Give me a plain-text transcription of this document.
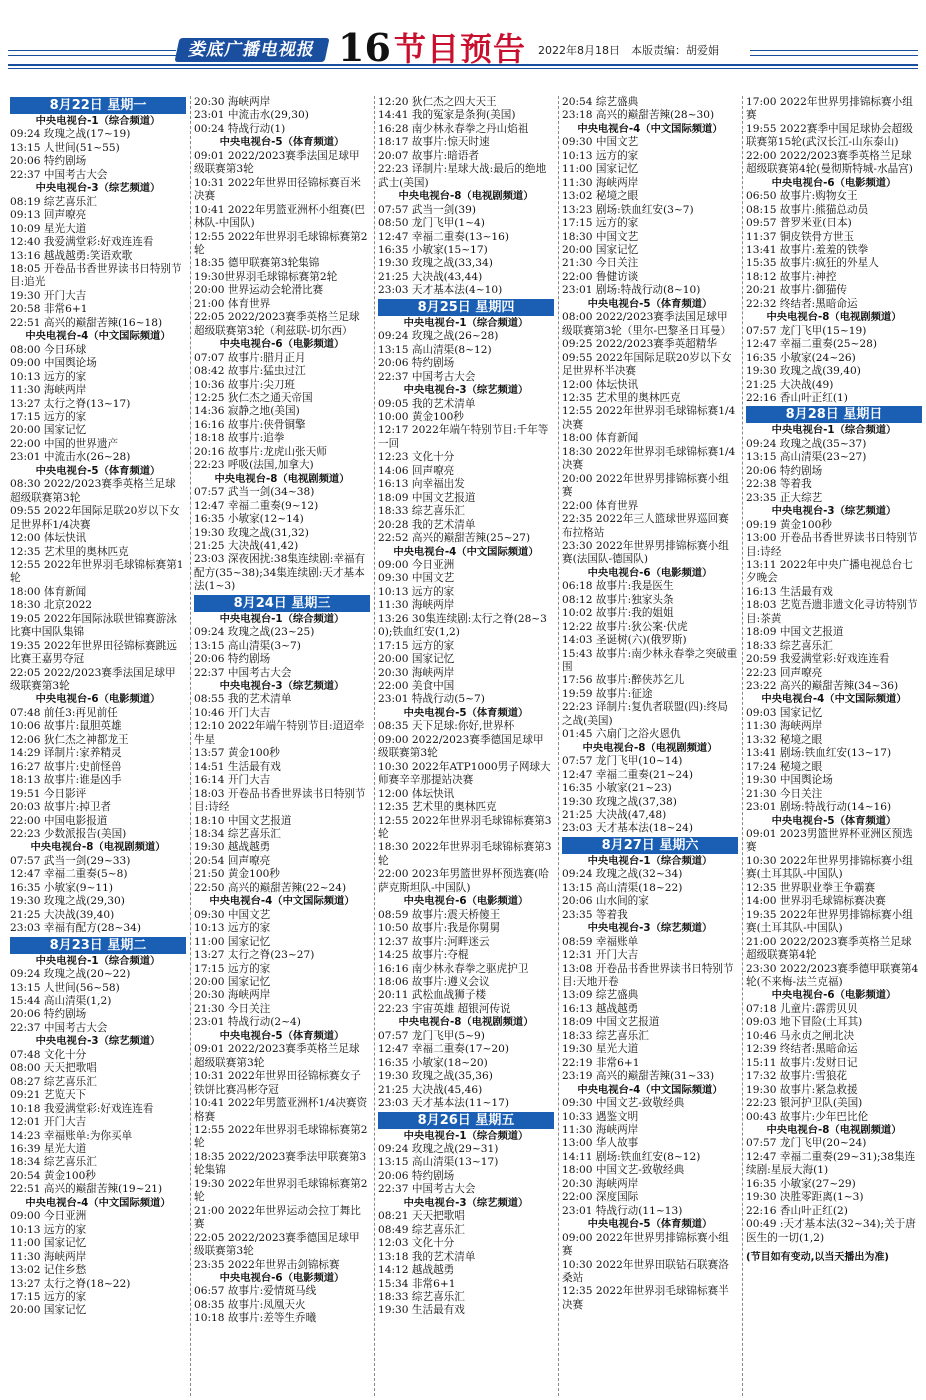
娄底广播电视报 16 节目预告 2022年8月18日　本版责编：胡爱娟
8月22日 星期一
中央电视台-1（综合频道）
09:24 玫瑰之战(17~19)
13:15 人世间(51~55)
20:06 特约剧场
22:37 中国考古大会
中央电视台-3（综艺频道）
08:19 综艺喜乐汇
09:13 回声嘹亮
10:09 星光大道
12:40 我爱满堂彩:好戏连连看
13:16 越战越勇:笑语欢歌
18:05 开卷品书香世界读书日特别节目:追光
19:30 开门大吉
20:58 非常6+1
22:51 高兴的巅甜苦辣(16~18)
中央电视台-4（中文国际频道）
08:00 今日环球
09:00 中国舆论场
10:13 远方的家
11:30 海峡两岸
13:27 太行之脊(13~17)
17:15 远方的家
20:00 国家记忆
22:00 中国的世界遗产
23:01 中流击水(26~28)
中央电视台-5（体育频道）
08:30 2022/2023赛季英格兰足球超级联赛第3轮
09:55 2022年国际足联20岁以下女足世界杯1/4决赛
12:00 体坛快讯
12:35 艺术里的奥林匹克
12:55 2022年世界羽毛球锦标赛第1轮
18:00 体育新闻
18:30 北京2022
19:05 2022年国际泳联世锦赛游泳比赛中国队集锦
19:35 2022年世界田径锦标赛跳远比赛王嘉男夺冠
22:05 2022/2023赛季法国足球甲级联赛第3轮
中央电视台-6（电影频道）
07:48 前任3:再见前任
10:06 故事片:鼠胆英雄
12:06 狄仁杰之神都龙王
14:29 译制片:家养精灵
16:27 故事片:史前怪兽
18:13 故事片:谁是凶手
19:51 今日影评
20:03 故事片:掉卫者
22:00 中国电影报道
22:23 少数派报告(美国)
中央电视台-8（电视剧频道）
07:57 武当一剑(29~33)
12:47 幸福二重奏(5~8)
16:35 小敏家(9~11)
19:30 玫瑰之战(29,30)
21:25 大决战(39,40)
23:03 幸福有配方(28~34)
8月23日 星期二
中央电视台-1（综合频道）
09:24 玫瑰之战(20~22)
13:15 人世间(56~58)
15:44 高山清渠(1,2)
20:06 特约剧场
22:37 中国考古大会
中央电视台-3（综艺频道）
07:48 文化十分
08:00 天天把歌唱
08:27 综艺喜乐汇
09:21 艺览天下
10:18 我爱满堂彩:好戏连连看
12:01 开门大吉
14:23 幸福账单:为你买单
16:39 星光大道
18:34 综艺喜乐汇
20:54 黄金100秒
22:51 高兴的巅甜苦辣(19~21)
中央电视台-4（中文国际频道）
09:00 今日亚洲
10:13 远方的家
11:00 国家记忆
11:30 海峡两岸
13:02 记住乡愁
13:27 太行之脊(18~22)
17:15 远方的家
20:00 国家记忆
20:30 海峡两岸
23:01 中流击水(29,30)
00:24 特战行动(1)
中央电视台-5（体育频道）
09:01 2022/2023赛季法国足球甲级联赛第3轮
10:31 2022年世界田径锦标赛百米决赛
10:41 2022年男篮亚洲杯小组赛(巴林队-中国队)
12:55 2022年世界羽毛球锦标赛第2轮
18:35 德甲联赛第3轮集锦
19:30世界羽毛球锦标赛第2轮
20:00 世界运动会轮滑比赛
21:00 体育世界
22:05 2022/2023赛季英格兰足球超级联赛第3轮（利兹联-切尔西）
中央电视台-6（电影频道）
07:07 故事片:腊月正月
08:42 故事片:猛虫过江
10:36 故事片:尖刀班
12:25 狄仁杰之通天帝国
14:36 寂静之地(美国)
16:16 故事片:侠骨铜擎
18:18 故事片:追拳
20:16 故事片:龙虎山张天师
22:23 呼吸(法国,加拿大)
中央电视台-8（电视剧频道）
07:57 武当一剑(34~38)
12:47 幸福二重奏(9~12)
16:35 小敏家(12~14)
19:30 玫瑰之战(31,32)
21:25 大决战(41,42)
23:03 深夜困扰:38集连续剧:幸福有配方(35~38);34集连续剧:天才基本法(1~3)
8月24日 星期三
中央电视台-1（综合频道）
09:24 玫瑰之战(23~25)
13:15 高山清渠(3~7)
20:06 特约剧场
22:37 中国考古大会
中央电视台-3（综艺频道）
08:55 我的艺术清单
10:46 开门大吉
12:10 2022年端午特别节目:迢迢牵牛星
13:57 黄金100秒
14:51 生活最有戏
16:14 开门大吉
18:03 开卷品书香世界读书日特别节目:诗经
18:10 中国文艺报道
18:34 综艺喜乐汇
19:30 越战越勇
20:54 回声嘹亮
21:50 黄金100秒
22:50 高兴的巅甜苦辣(22~24)
中央电视台-4（中文国际频道）
09:30 中国文艺
10:13 远方的家
11:00 国家记忆
13:27 太行之脊(23~27)
17:15 远方的家
20:00 国家记忆
20:30 海峡两岸
21:30 今日关注
23:01 特战行动(2~4)
中央电视台-5（体育频道）
09:01 2022/2023赛季英格兰足球超级联赛第3轮
10:31 2022年世界田径锦标赛女子铁饼比赛冯彬夺冠
10:41 2022年男篮亚洲杯1/4决赛资格赛
12:55 2022年世界羽毛球锦标赛第2轮
18:35 2022/2023赛季法甲联赛第3轮集锦
19:30 2022年世界羽毛球锦标赛第2轮
21:00 2022年世界运动会拉丁舞比赛
22:05 2022/2023赛季德国足球甲级联赛第3轮
23:35 2022年世界击剑锦标赛
中央电视台-6（电影频道）
06:57 故事片:爱情斑马线
08:35 故事片:凤凰天火
10:18 故事片:差等生乔曦
12:20 狄仁杰之四大天王
14:41 我的冤家是条狗(美国)
16:28 南少林永春拳之丹山焰祖
18:17 故事片:惊天时速
20:07 故事片:暗语者
22:23 译制片:星球大战:最后的绝地武士(美国)
中央电视台-8（电视剧频道）
07:57 武当一剑(39)
08:50 龙门飞甲(1~4)
12:47 幸福二重奏(13~16)
16:35 小敏家(15~17)
19:30 玫瑰之战(33,34)
21:25 大决战(43,44)
23:03 天才基本法(4~10)
8月25日 星期四
中央电视台-1（综合频道）
09:24 玫瑰之战(26~28)
13:15 高山清渠(8~12)
20:06 特约剧场
22:37 中国考古大会
中央电视台-3（综艺频道）
09:05 我的艺术清单
10:00 黄金100秒
12:17 2022年端午特别节目:千年等一回
12:23 文化十分
14:06 回声嘹亮
16:13 向幸福出发
18:09 中国文艺报道
18:33 综艺喜乐汇
20:28 我的艺术清单
22:52 高兴的巅甜苦辣(25~27)
中央电视台-4（中文国际频道）
09:00 今日亚洲
09:30 中国文艺
10:13 远方的家
11:30 海峡两岸
13:26 30集连续剧:太行之脊(28~30);铁血红安(1,2)
17:15 远方的家
20:00 国家记忆
20:30 海峡两岸
22:00 美食中国
23:01 特战行动(5~7)
中央电视台-5（体育频道）
08:35 天下足球:你好,世界杯
09:00 2022/2023赛季德国足球甲级联赛第3轮
10:30 2022年ATP1000男子网球大师赛辛辛那提站决赛
12:00 体坛快讯
12:35 艺术里的奥林匹克
12:55 2022年世界羽毛球锦标赛第3轮
18:30 2022年世界羽毛球锦标赛第3轮
22:00 2023年男篮世界杯预选赛(哈萨克斯坦队-中国队)
中央电视台-6（电影频道）
08:59 故事片:震天桥傻王
10:50 故事片:我是你舅舅
12:37 故事片:河畔迷云
14:25 故事片:夺棍
16:16 南少林永春拳之驱虎护卫
18:06 故事片:遵义会议
20:11 武松血战狮子楼
22:23 宇宙英雄 超银河传说
中央电视台-8（电视剧频道）
07:57 龙门飞甲(5~9)
12:47 幸福二重奏(17~20)
16:35 小敏家(18~20)
19:30 玫瑰之战(35,36)
21:25 大决战(45,46)
23:03 天才基本法(11~17)
8月26日 星期五
中央电视台-1（综合频道）
09:24 玫瑰之战(29~31)
13:15 高山清渠(13~17)
20:06 特约剧场
22:37 中国考古大会
中央电视台-3（综艺频道）
08:21 天天把歌唱
08:49 综艺喜乐汇
12:03 文化十分
13:18 我的艺术清单
14:12 越战越勇
15:34 非常6+1
18:33 综艺喜乐汇
19:30 生活最有戏
20:54 综艺盛典
23:18 高兴的巅甜苦辣(28~30)
中央电视台-4（中文国际频道）
09:30 中国文艺
10:13 远方的家
11:00 国家记忆
11:30 海峡两岸
13:02 秘境之眼
13:23 剧场:铁血红安(3~7)
17:15 远方的家
18:30 中国文艺
20:00 国家记忆
21:30 今日关注
22:00 鲁健访谈
23:01 剧场:特战行动(8~10)
中央电视台-5（体育频道）
08:00 2022/2023赛季法国足球甲级联赛第3轮（里尔-巴黎圣日耳曼）
09:25 2022/2023赛季英超精华
09:55 2022年国际足联20岁以下女足世界杯半决赛
12:00 体坛快讯
12:35 艺术里的奥林匹克
12:55 2022年世界羽毛球锦标赛1/4决赛
18:00 体育新闻
18:30 2022年世界羽毛球锦标赛1/4决赛
20:00 2022年世界男排锦标赛小组赛
22:00 体育世界
22:35 2022年三人篮球世界巡回赛布拉格站
23:30 2022年世界男排锦标赛小组赛(法国队-德国队)
中央电视台-6（电影频道）
06:18 故事片:我是医生
08:12 故事片:独家头条
10:02 故事片:我的姐姐
12:22 故事片:狄公案·伏虎
14:03 圣诞树(六)(俄罗斯)
15:43 故事片:南少林永春拳之突破重围
17:56 故事片:醉侠苏乞儿
19:59 故事片:征途
22:23 译制片:复仇者联盟(四):终局之战(美国)
01:45 六扇门之浴火恩仇
中央电视台-8（电视剧频道）
07:57 龙门飞甲(10~14)
12:47 幸福二重奏(21~24)
16:35 小敏家(21~23)
19:30 玫瑰之战(37,38)
21:25 大决战(47,48)
23:03 天才基本法(18~24)
8月27日 星期六
中央电视台-1（综合频道）
09:24 玫瑰之战(32~34)
13:15 高山清渠(18~22)
20:06 山水间的家
23:35 等着我
中央电视台-3（综艺频道）
08:59 幸福账单
12:31 开门大吉
13:08 开卷品书香世界读书日特别节目:天地开卷
13:09 综艺盛典
16:13 越战越勇
18:09 中国文艺报道
18:33 综艺喜乐汇
19:30 星光大道
22:19 非常6+1
23:19 高兴的巅甜苦辣(31~33)
中央电视台-4（中文国际频道）
09:30 中国文艺-致敬经典
10:33 遇鉴文明
11:30 海峡两岸
13:00 华人故事
14:11 剧场:铁血红安(8~12)
18:00 中国文艺-致敬经典
20:30 海峡两岸
22:00 深度国际
23:01 特战行动(11~13)
中央电视台-5（体育频道）
09:00 2022年世界男排锦标赛小组赛
10:30 2022年世界田联钻石联赛洛桑站
12:35 2022年世界羽毛球锦标赛半决赛
17:00 2022年世界男排锦标赛小组赛
19:55 2022赛季中国足球协会超级联赛第15轮(武汉长江-山东泰山)
22:00 2022/2023赛季英格兰足球超级联赛第4轮(曼彻斯特城-水晶宫)
中央电视台-6（电影频道）
06:50 故事片:购物女王
08:15 故事片:熊猫总动员
09:57 普罗米亚(日本)
11:37 铜皮铁骨方世玉
13:41 故事片:羞羞的铁拳
15:35 故事片:疯狂的外星人
18:12 故事片:神控
20:21 故事片:御猫传
22:32 终结者:黑暗命运
中央电视台-8（电视剧频道）
07:57 龙门飞甲(15~19)
12:47 幸福二重奏(25~28)
16:35 小敏家(24~26)
19:30 玫瑰之战(39,40)
21:25 大决战(49)
22:16 香山叶正红(1)
8月28日 星期日
中央电视台-1（综合频道）
09:24 玫瑰之战(35~37)
13:15 高山清渠(23~27)
20:06 特约剧场
22:38 等着我
23:35 正大综艺
中央电视台-3（综艺频道）
09:19 黄金100秒
13:00 开卷品书香世界读书日特别节目:诗经
13:11 2022年中央广播电视总台七夕晚会
16:13 生活最有戏
18:03 艺览吾遗非遗文化寻访特别节目:茶黄
18:09 中国文艺报道
18:33 综艺喜乐汇
20:59 我爱满堂彩:好戏连连看
22:23 回声嘹亮
23:22 高兴的巅甜苦辣(34~36)
中央电视台-4（中文国际频道）
09:03 国家记忆
11:30 海峡两岸
13:32 秘境之眼
13:41 剧场:铁血红安(13~17)
17:24 秘境之眼
19:30 中国舆论场
21:30 今日关注
23:01 剧场:特战行动(14~16)
中央电视台-5（体育频道）
09:01 2023男篮世界杯亚洲区预选赛
10:30 2022年世界男排锦标赛小组赛(土耳其队-中国队)
12:35 世界职业拳王争霸赛
14:00 世界羽毛球锦标赛决赛
19:35 2022年世界男排锦标赛小组赛(土耳其队-中国队)
21:00 2022/2023赛季英格兰足球超级联赛第4轮
23:30 2022/2023赛季德甲联赛第4轮(不来梅-法兰克福)
中央电视台-6（电影频道）
07:18 儿童片:霹雳贝贝
09:03 地下冒险(土耳其)
10:46 马永贞之闸北决
12:39 终结者:黑暗命运
15:11 故事片:发财日记
17:32 故事片:雪狼花
19:30 故事片:紧急救援
22:23 银河护卫队(美国)
00:43 故事片:少年巴比伦
中央电视台-8（电视剧频道）
07:57 龙门飞甲(20~24)
12:47 幸福二重奏(29~31);38集连续剧:星辰大海(1)
16:35 小敏家(27~29)
19:30 决胜零距离(1~3)
22:16 香山叶正红(2)
00:49 :天才基本法(32~34);关于唐医生的一切(1,2)
(节目如有变动,以当天播出为准)
